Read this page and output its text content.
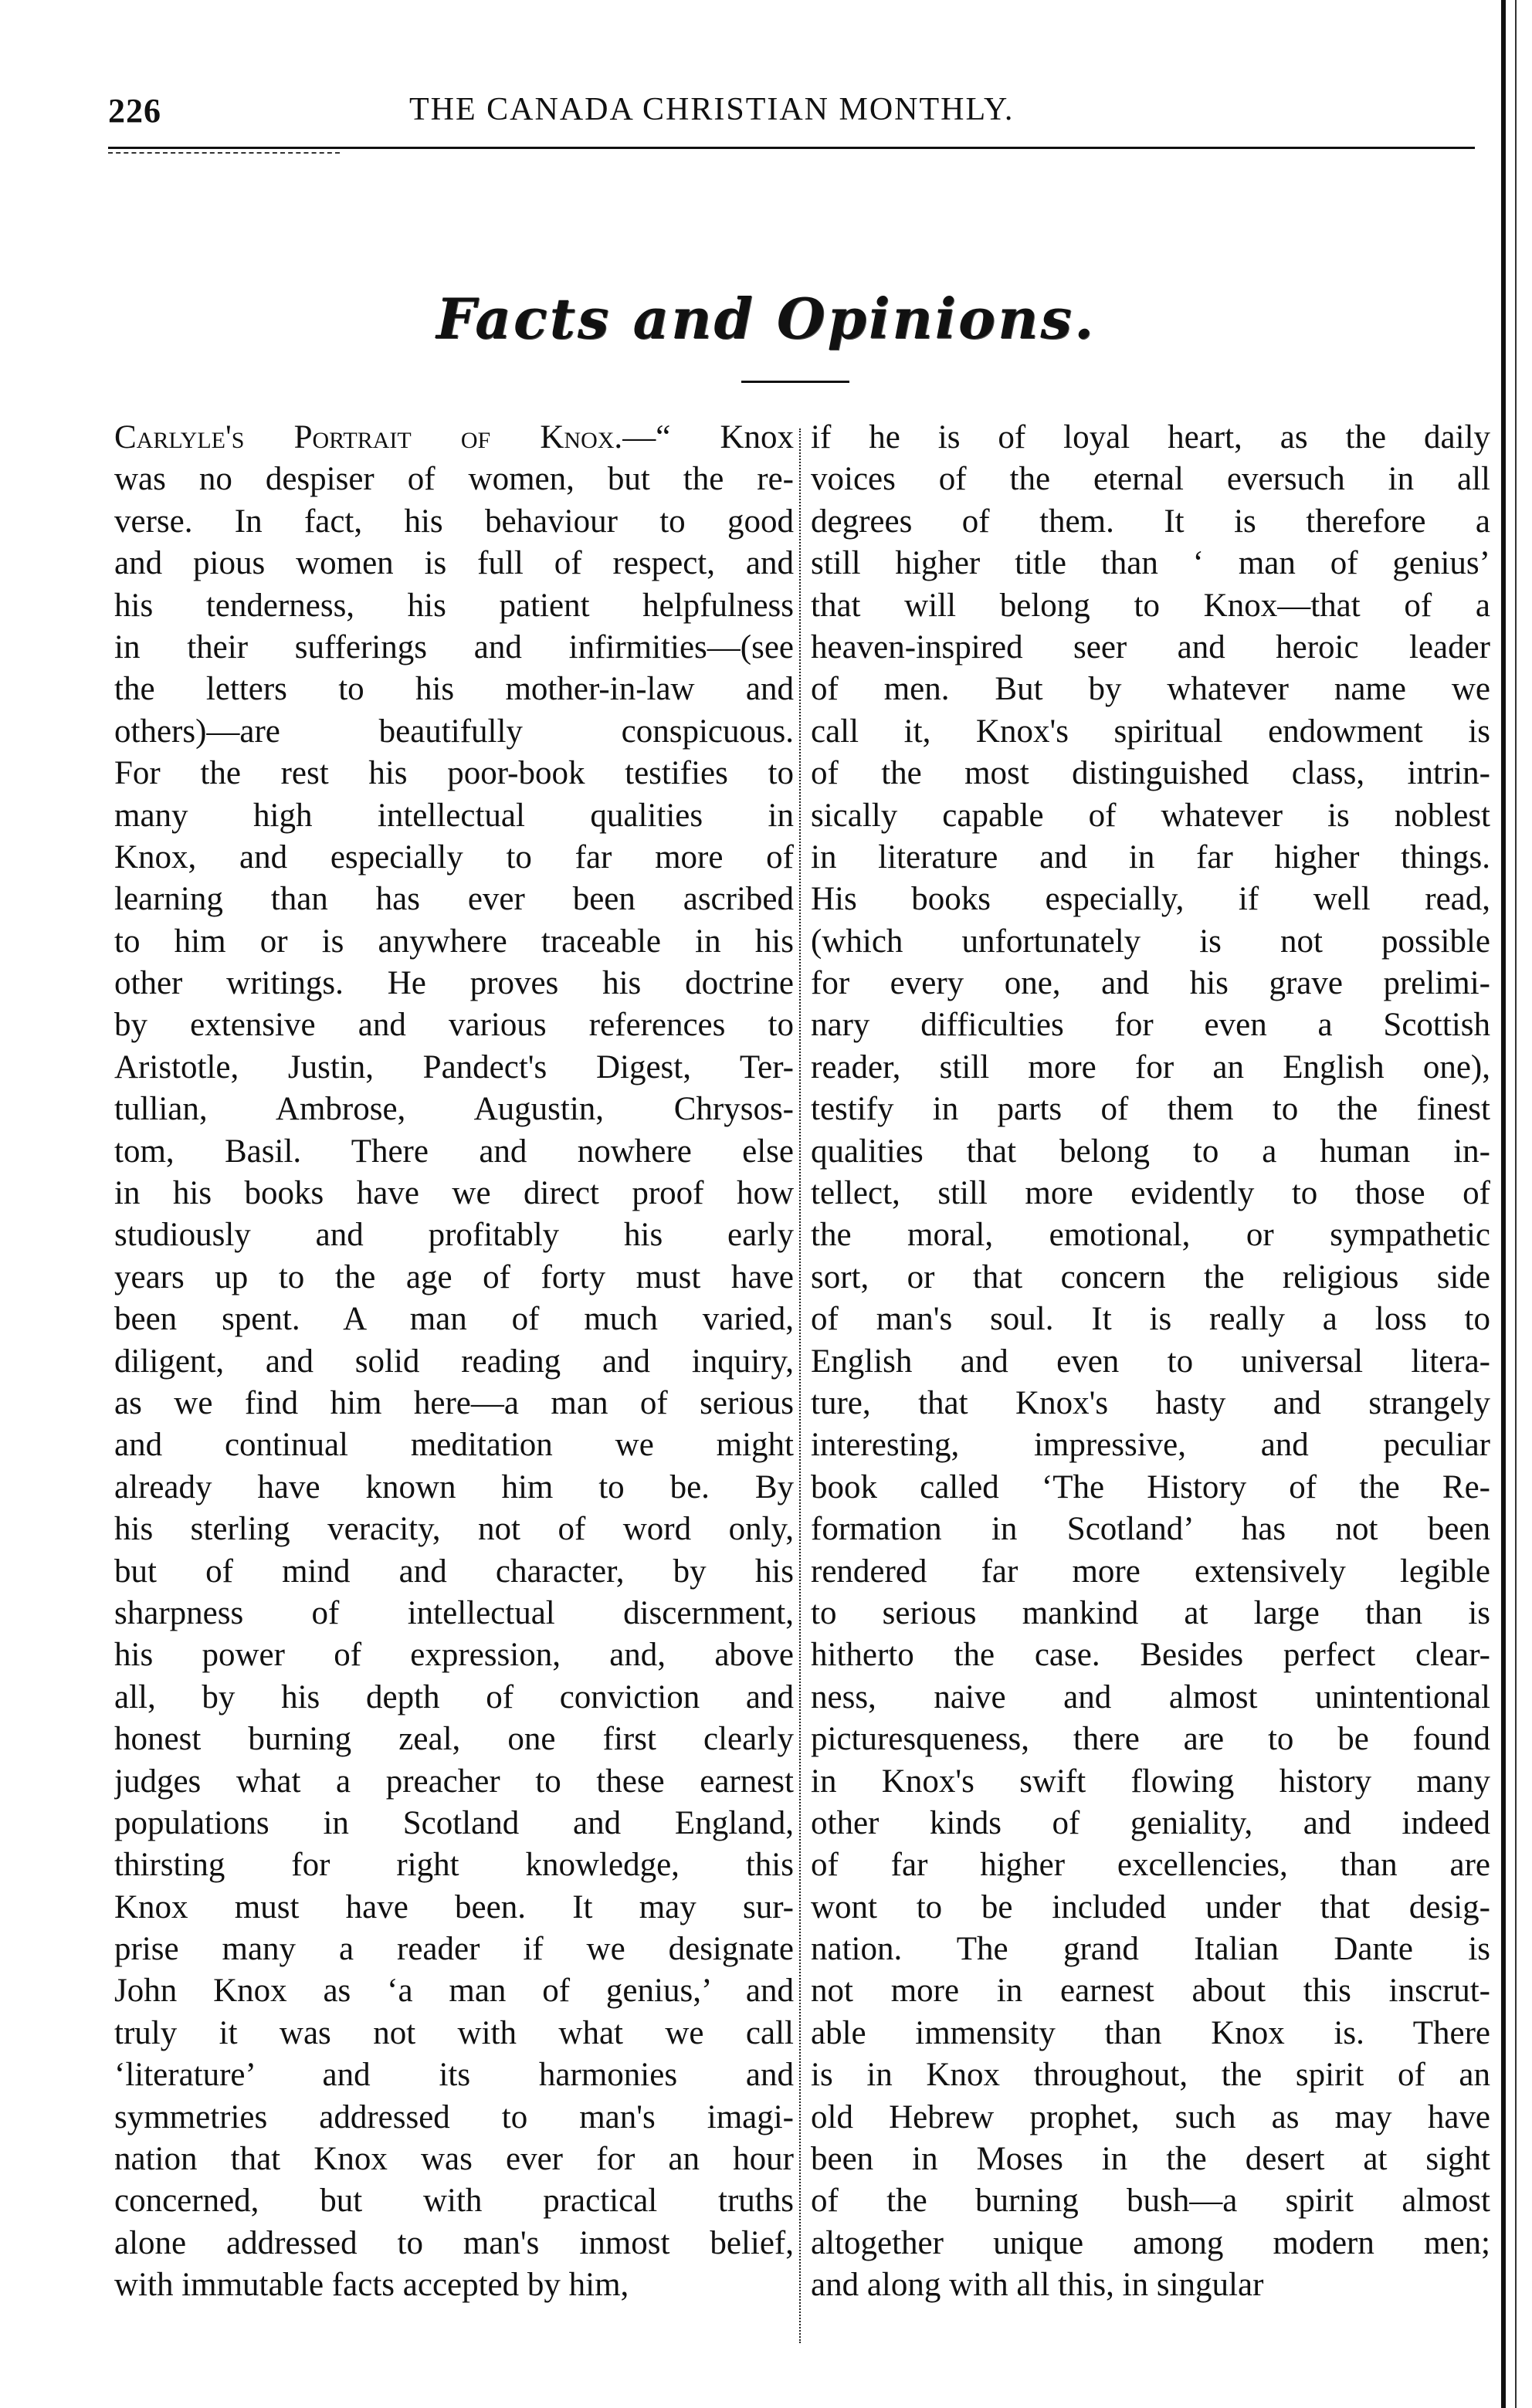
226	THE CANADA CHRISTIAN MONTHLY.
Facts and Opinions.
Carlyle's Portrait of Knox.—“ Knox
was no despiser of women, but the re-
verse. In fact, his behaviour to good
and pious women is full of respect, and
his tenderness, his patient helpfulness
in their sufferings and infirmities—(see
the letters to his mother-in-law and
others)—are beautifully conspicuous.
For the rest his poor-book testifies to
many high intellectual qualities in
Knox, and especially to far more of
learning than has ever been ascribed
to him or is anywhere traceable in his
other writings. He proves his doctrine
by extensive and various references to
Aristotle, Justin, Pandect's Digest, Ter-
tullian, Ambrose, Augustin, Chrysos-
tom, Basil. There and nowhere else
in his books have we direct proof how
studiously and profitably his early
years up to the age of forty must have
been spent. A man of much varied,
diligent, and solid reading and inquiry,
as we find him here—a man of serious
and continual meditation we might
already have known him to be. By
his sterling veracity, not of word only,
but of mind and character, by his
sharpness of intellectual discernment,
his power of expression, and, above
all, by his depth of conviction and
honest burning zeal, one first clearly
judges what a preacher to these earnest
populations in Scotland and England,
thirsting for right knowledge, this
Knox must have been. It may sur-
prise many a reader if we designate
John Knox as ‘a man of genius,’ and
truly it was not with what we call
‘literature’ and its harmonies and
symmetries addressed to man's imagi-
nation that Knox was ever for an hour
concerned, but with practical truths
alone addressed to man's inmost belief,
with immutable facts accepted by him,
if he is of loyal heart, as the daily
voices of the eternal eversuch in all
degrees of them. It is therefore a
still higher title than ‘ man of genius’
that will belong to Knox—that of a
heaven-inspired seer and heroic leader
of men. But by whatever name we
call it, Knox's spiritual endowment is
of the most distinguished class, intrin-
sically capable of whatever is noblest
in literature and in far higher things.
His books especially, if well read,
(which unfortunately is not possible
for every one, and his grave prelimi-
nary difficulties for even a Scottish
reader, still more for an English one),
testify in parts of them to the finest
qualities that belong to a human in-
tellect, still more evidently to those of
the moral, emotional, or sympathetic
sort, or that concern the religious side
of man's soul. It is really a loss to
English and even to universal litera-
ture, that Knox's hasty and strangely
interesting, impressive, and peculiar
book called ‘The History of the Re-
formation in Scotland’ has not been
rendered far more extensively legible
to serious mankind at large than is
hitherto the case. Besides perfect clear-
ness, naive and almost unintentional
picturesqueness, there are to be found
in Knox's swift flowing history many
other kinds of geniality, and indeed
of far higher excellencies, than are
wont to be included under that desig-
nation. The grand Italian Dante is
not more in earnest about this inscrut-
able immensity than Knox is. There
is in Knox throughout, the spirit of an
old Hebrew prophet, such as may have
been in Moses in the desert at sight
of the burning bush—a spirit almost
altogether unique among modern men;
and along with all this, in singular
